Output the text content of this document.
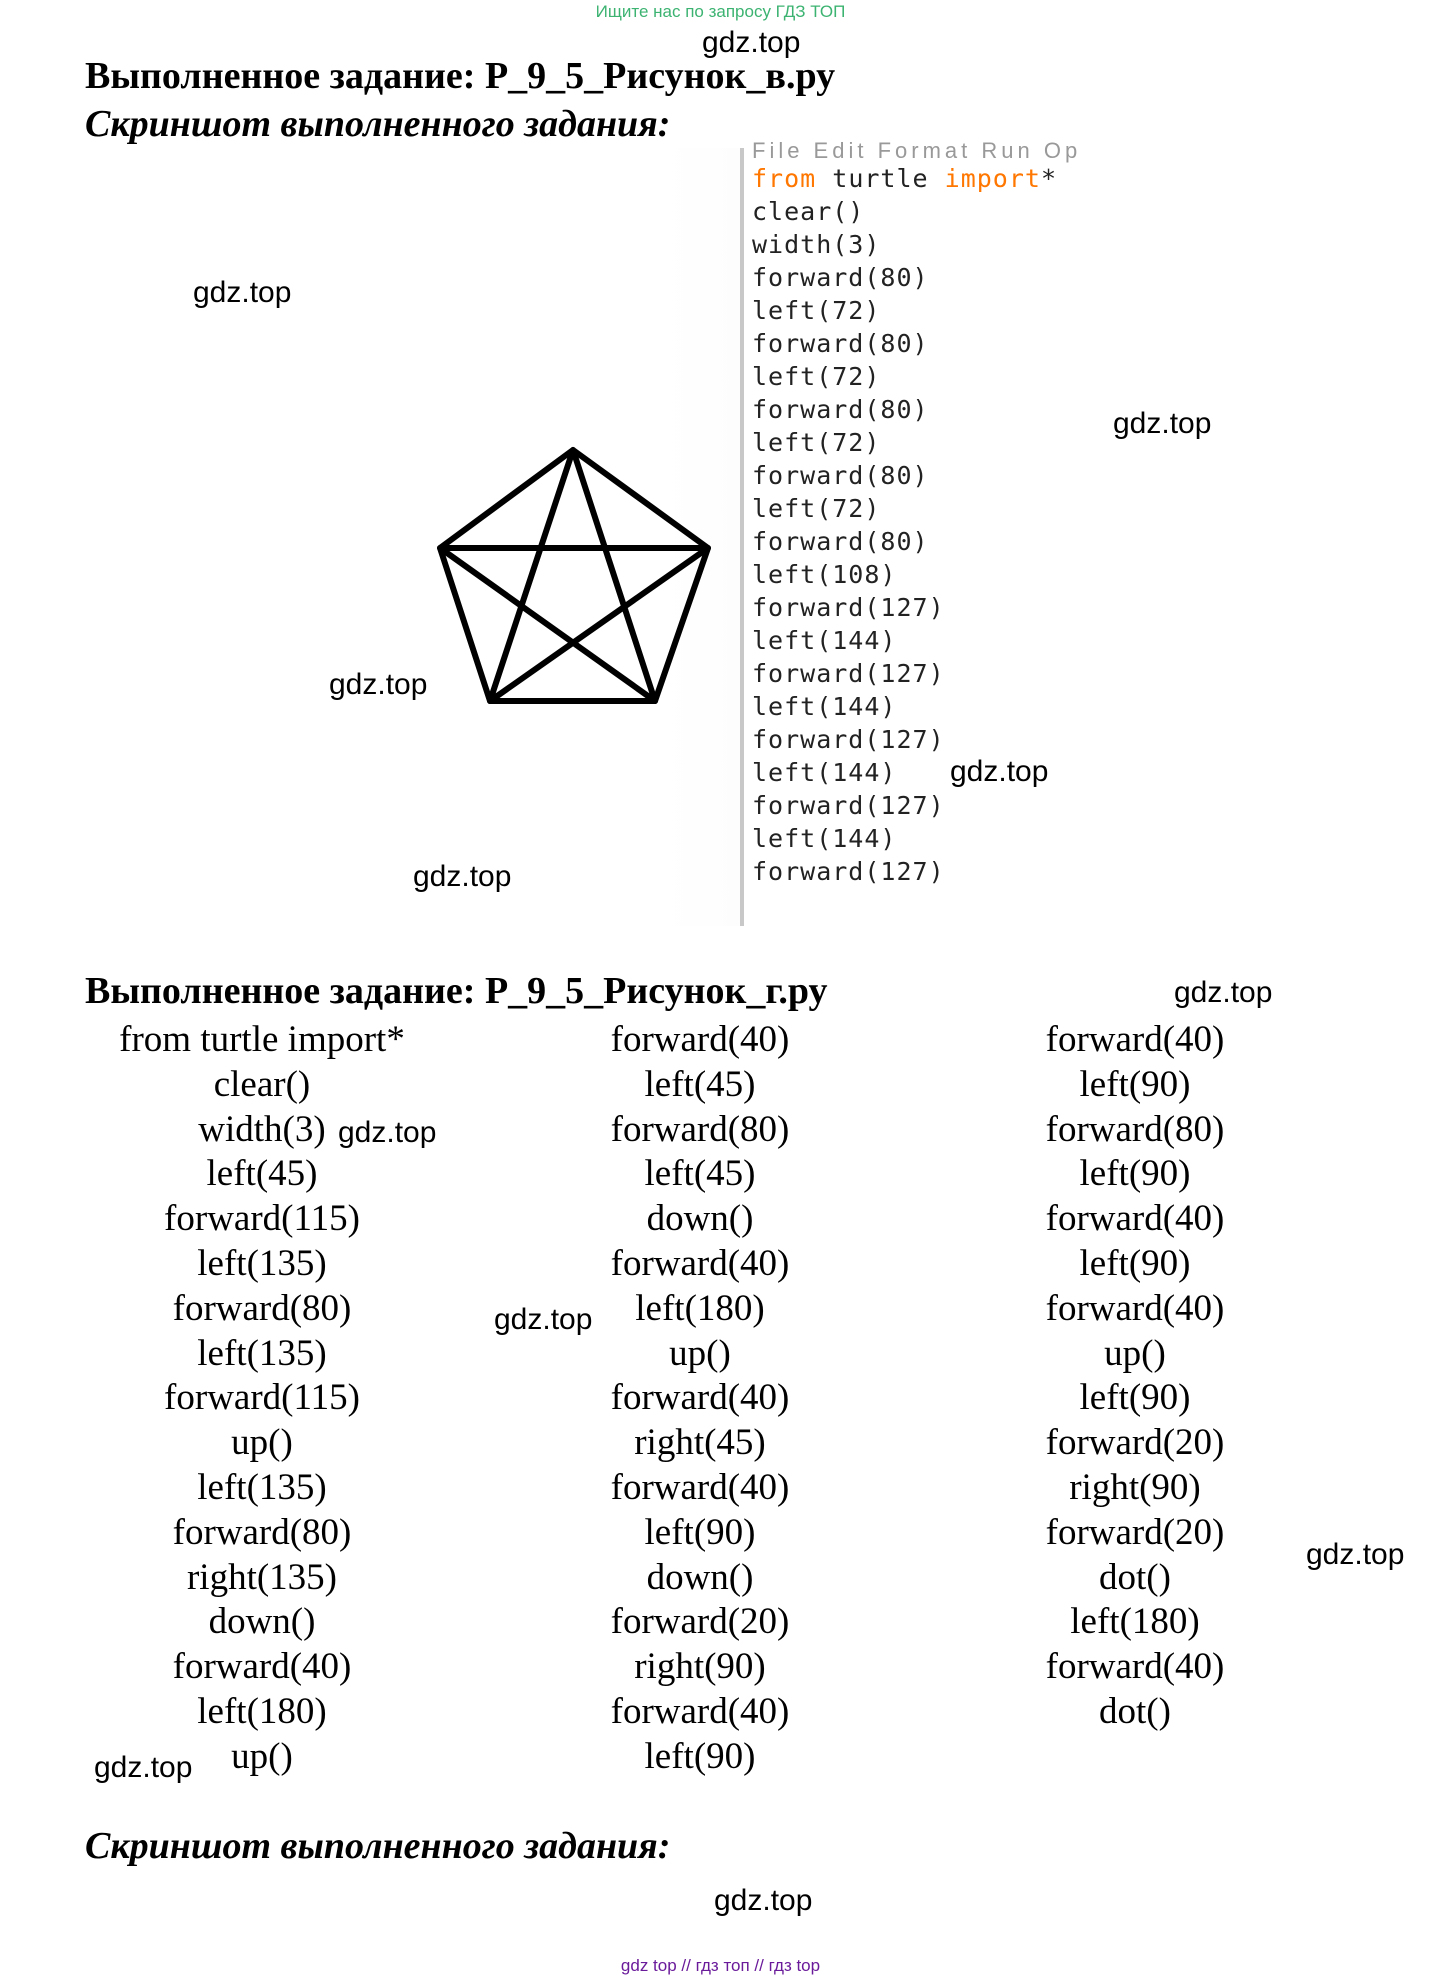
Ищите нас по запросу ГДЗ ТОП
gdz.top
Выполненное задание: P_9_5_Рисунок_в.ру
Скриншот выполненного задания:
File Edit Format Run Op
from turtle import*
clear()
width(3)
forward(80)
left(72)
forward(80)
left(72)
forward(80)
left(72)
forward(80)
left(72)
forward(80)
left(108)
forward(127)
left(144)
forward(127)
left(144)
forward(127)
left(144)
forward(127)
left(144)
forward(127)
gdz.top
gdz.top
gdz.top
gdz.top
gdz.top
Выполненное задание: P_9_5_Рисунок_г.ру	gdz.top
from turtle import*
clear()
width(3)
left(45)
forward(115)
left(135)
forward(80)
left(135)
forward(115)
up()
left(135)
forward(80)
right(135)
down()
forward(40)
left(180)
up()
forward(40)
left(45)
forward(80)
left(45)
down()
forward(40)
left(180)
up()
forward(40)
right(45)
forward(40)
left(90)
down()
forward(20)
right(90)
forward(40)
left(90)
forward(40)
left(90)
forward(80)
left(90)
forward(40)
left(90)
forward(40)
up()
left(90)
forward(20)
right(90)
forward(20)
dot()
left(180)
forward(40)
dot()
gdz.top
gdz.top
gdz.top
gdz.top
Скриншот выполненного задания:
gdz.top
gdz top // гдз топ // гдз top
